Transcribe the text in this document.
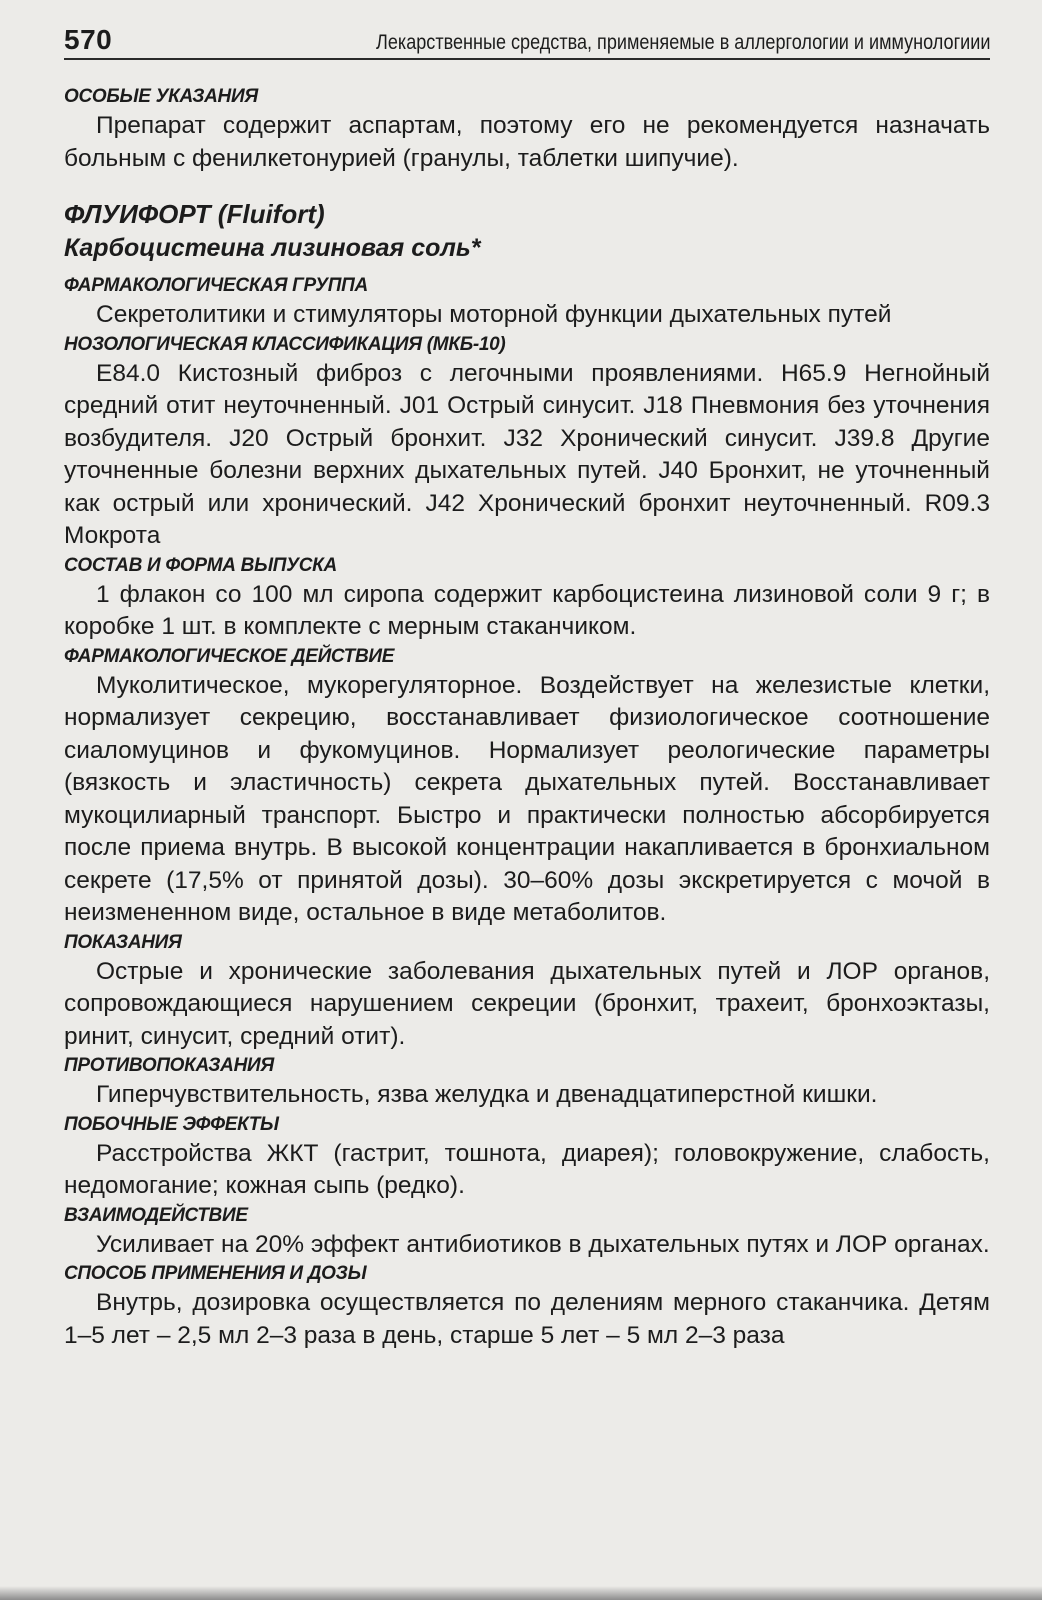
570	Лекарственные средства, применяемые в аллергологии и иммунологиии

ОСОБЫЕ УКАЗАНИЯ

Препарат содержит аспартам, поэтому его не рекомендуется назначать больным с фенилкетонурией (гранулы, таблетки шипучие).

ФЛУИФОРТ (Fluifort)

Карбоцистеина лизиновая соль*

ФАРМАКОЛОГИЧЕСКАЯ ГРУППА

Секретолитики и стимуляторы моторной функции дыхательных путей

НОЗОЛОГИЧЕСКАЯ КЛАССИФИКАЦИЯ (МКБ-10)

E84.0 Кистозный фиброз с легочными проявлениями. H65.9 Негнойный средний отит неуточненный. J01 Острый синусит. J18 Пневмония без уточнения возбудителя. J20 Острый бронхит. J32 Хронический синусит. J39.8 Другие уточненные болезни верхних дыхательных путей. J40 Бронхит, не уточненный как острый или хронический. J42 Хронический бронхит неуточненный. R09.3 Мокрота

СОСТАВ И ФОРМА ВЫПУСКА

1 флакон со 100 мл сиропа содержит карбоцистеина лизиновой соли 9 г; в коробке 1 шт. в комплекте с мерным стаканчиком.

ФАРМАКОЛОГИЧЕСКОЕ ДЕЙСТВИЕ

Муколитическое, мукорегуляторное. Воздействует на железистые клетки, нормализует секрецию, восстанавливает физиологическое соотношение сиаломуцинов и фукомуцинов. Нормализует реологические параметры (вязкость и эластичность) секрета дыхательных путей. Восстанавливает мукоцилиарный транспорт. Быстро и практически полностью абсорбируется после приема внутрь. В высокой концентрации накапливается в бронхиальном секрете (17,5% от принятой дозы). 30–60% дозы экскретируется с мочой в неизмененном виде, остальное в виде метаболитов.

ПОКАЗАНИЯ

Острые и хронические заболевания дыхательных путей и ЛОР органов, сопровождающиеся нарушением секреции (бронхит, трахеит, бронхоэктазы, ринит, синусит, средний отит).

ПРОТИВОПОКАЗАНИЯ

Гиперчувствительность, язва желудка и двенадцатиперстной кишки.

ПОБОЧНЫЕ ЭФФЕКТЫ

Расстройства ЖКТ (гастрит, тошнота, диарея); головокружение, слабость, недомогание; кожная сыпь (редко).

ВЗАИМОДЕЙСТВИЕ

Усиливает на 20% эффект антибиотиков в дыхательных путях и ЛОР органах.

СПОСОБ ПРИМЕНЕНИЯ И ДОЗЫ

Внутрь, дозировка осуществляется по делениям мерного стаканчика. Детям 1–5 лет – 2,5 мл 2–3 раза в день, старше 5 лет – 5 мл 2–3 раза
